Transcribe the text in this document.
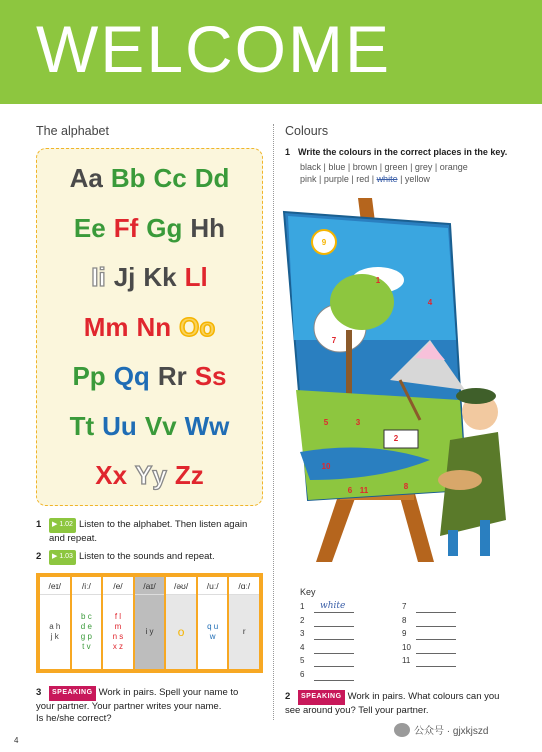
WELCOME
The alphabet
Aa Bb Cc Dd
Ee Ff Gg Hh
Ii Jj Kk Ll
Mm Nn Oo
Pp Qq Rr Ss
Tt Uu Vv Ww
Xx Yy Zz
1 ▶ 1.02 Listen to the alphabet. Then listen again
and repeat.
2 ▶ 1.03 Listen to the sounds and repeat.
/eɪ/
a h
j k
/iː/
b c
d e
g p
t v
/e/
f l
m
n s
x z
/aɪ/
i y
/əʊ/
o
/uː/
q u
w
/ɑː/
r
3 SPEAKING Work in pairs. Spell your name to
your partner. Your partner writes your name.
Is he/she correct?
Colours
1 Write the colours in the correct places in the key.
black | blue | brown | green | grey | orange
pink | purple | red | white | yellow
9
1
7
4
5	3
2
10
6 11	8
Key
1 white
2
3
4
5
6
7
8
9
10
11
2 SPEAKING Work in pairs. What colours can you
see around you? Tell your partner.
4
公众号 · gjxkjszd
